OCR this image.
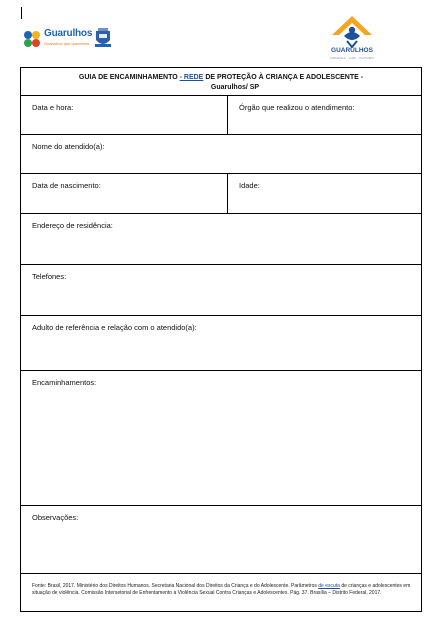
Guarulhos
Guarulhos que queremos
GUARULHOS
CRIANÇA · LAR · FUTURO
GUIA DE ENCAMINHAMENTO - REDE DE PROTEÇÃO À CRIANÇA E ADOLESCENTE -
Guarulhos/ SP
Data e hora:	Órgão que realizou o atendimento:
Nome do atendido(a):
Data de nascimento:	Idade:
Endereço de residência:
Telefones:
Adulto de referência e relação com o atendido(a):
Encaminhamentos:
Observações:
Fonte: Brasil, 2017. Ministério dos Direitos Humanos. Secretaria Nacional dos Direitos da Criança e do Adolescente. Parâmetros de escuta de crianças e adolescentes em situação de violência. Comissão Intersetorial de Enfrentamento à Violência Sexual Contra Crianças e Adolescentes. Pág. 37. Brasília – Distrito Federal, 2017.
